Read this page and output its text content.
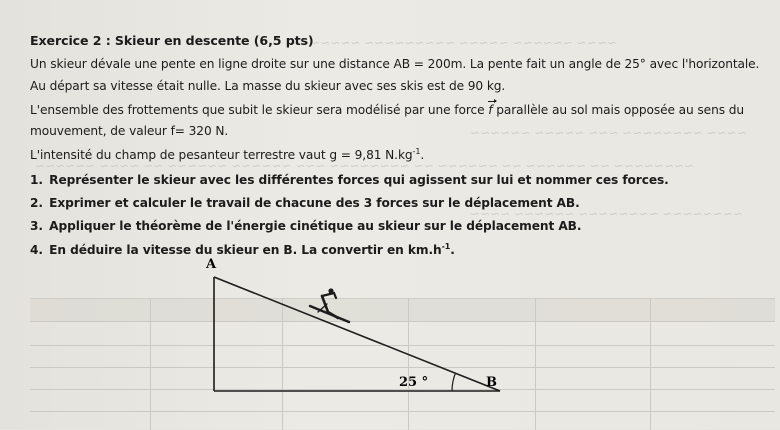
~~~~ ~~~~~~ ~~~~~ ~~~~~~~~~ ~~~~~~~
~~~~ ~~~~~~~~ ~~~ ~~~~~ ~~~~~~
~~~~~~~~ ~~ ~~~~~~ ~~ ~~~~~~ ~~ ~~~~~~~~ ~~~ ~~~~~~ ~~~~~~ ~~ ~~~~ ~~~~~~
~~~~~~~~ ~~~~~~~~ ~~~~~~ ~~~~
Exercice 2 : Skieur en descente (6,5 pts)
Un skieur dévale une pente en ligne droite sur une distance AB = 200m. La pente fait un angle de 25° avec l'horizontale.
Au départ sa vitesse était nulle. La masse du skieur avec ses skis est de 90 kg.
L'ensemble des frottements que subit le skieur sera modélisé par une force f parallèle au sol mais opposée au sens du
mouvement, de valeur f= 320 N.
L'intensité du champ de pesanteur terrestre vaut g = 9,81 $N.kg^{-1}$.
1. Représenter le skieur avec les différentes forces qui agissent sur lui et nommer ces forces.
2. Exprimer et calculer le travail de chacune des 3 forces sur le déplacement AB.
3. Appliquer le théorème de l'énergie cinétique au skieur sur le déplacement AB.
4. En déduire la vitesse du skieur en B. La convertir en $km.h^{-1}$.
A
B
25 °
